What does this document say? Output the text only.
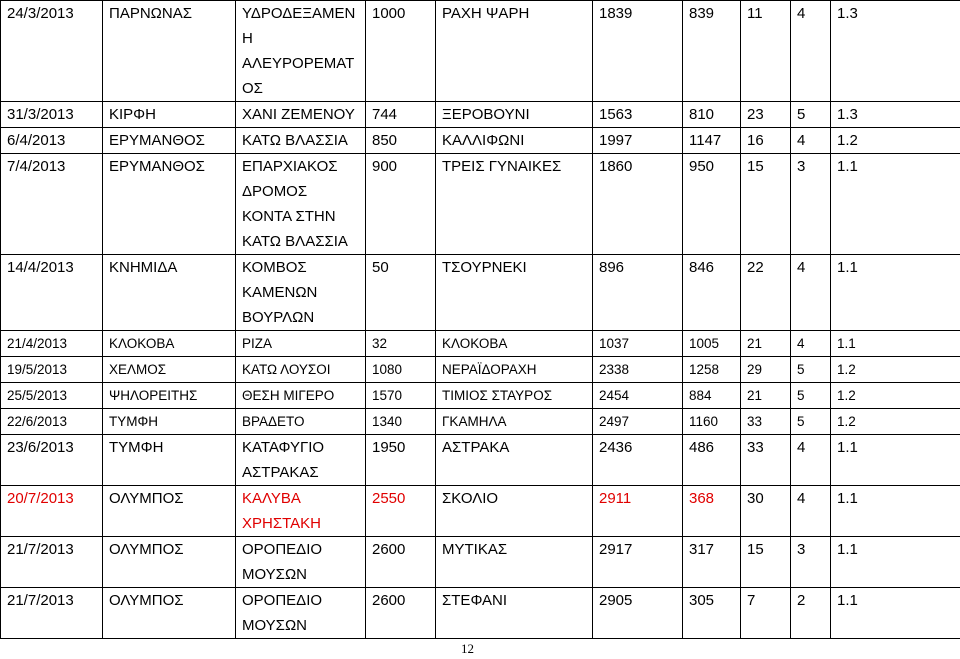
24/3/2013	ΠΑΡΝΩΝΑΣ	ΥΔΡΟΔΕΞΑΜΕΝ
Η
ΑΛΕΥΡΟΡΕΜΑΤ
ΟΣ	1000	ΡΑΧΗ ΨΑΡΗ	1839	839	11	4	1.3
31/3/2013	ΚΙΡΦΗ	ΧΑΝΙ ΖΕΜΕΝΟΥ	744	ΞΕΡΟΒΟΥΝΙ	1563	810	23	5	1.3
6/4/2013	ΕΡΥΜΑΝΘΟΣ	ΚΑΤΩ ΒΛΑΣΣΙΑ	850	ΚΑΛΛΙΦΩΝΙ	1997	1147	16	4	1.2
7/4/2013	ΕΡΥΜΑΝΘΟΣ	ΕΠΑΡΧΙΑΚΟΣ
ΔΡΟΜΟΣ
ΚΟΝΤΑ ΣΤΗΝ
ΚΑΤΩ ΒΛΑΣΣΙΑ	900	ΤΡΕΙΣ ΓΥΝΑΙΚΕΣ	1860	950	15	3	1.1
14/4/2013	ΚΝΗΜΙΔΑ	ΚΟΜΒΟΣ
ΚΑΜΕΝΩΝ
ΒΟΥΡΛΩΝ	50	ΤΣΟΥΡΝΕΚΙ	896	846	22	4	1.1
21/4/2013	ΚΛΟΚΟΒΑ	ΡΙΖΑ	32	ΚΛΟΚΟΒΑ	1037	1005	21	4	1.1
19/5/2013	ΧΕΛΜΟΣ	ΚΑΤΩ ΛΟΥΣΟΙ	1080	ΝΕΡΑΪΔΟΡΑΧΗ	2338	1258	29	5	1.2
25/5/2013	ΨΗΛΟΡΕΙΤΗΣ	ΘΕΣΗ ΜΙΓΕΡΟ	1570	ΤΙΜΙΟΣ ΣΤΑΥΡΟΣ	2454	884	21	5	1.2
22/6/2013	ΤΥΜΦΗ	ΒΡΑΔΕΤΟ	1340	ΓΚΑΜΗΛΑ	2497	1160	33	5	1.2
23/6/2013	ΤΥΜΦΗ	ΚΑΤΑΦΥΓΙΟ
ΑΣΤΡΑΚΑΣ	1950	ΑΣΤΡΑΚΑ	2436	486	33	4	1.1
20/7/2013	ΟΛΥΜΠΟΣ	ΚΑΛΥΒΑ
ΧΡΗΣΤΑΚΗ	2550	ΣΚΟΛΙΟ	2911	368	30	4	1.1
21/7/2013	ΟΛΥΜΠΟΣ	ΟΡΟΠΕΔΙΟ
ΜΟΥΣΩΝ	2600	ΜΥΤΙΚΑΣ	2917	317	15	3	1.1
21/7/2013	ΟΛΥΜΠΟΣ	ΟΡΟΠΕΔΙΟ
ΜΟΥΣΩΝ	2600	ΣΤΕΦΑΝΙ	2905	305	7	2	1.1
12
